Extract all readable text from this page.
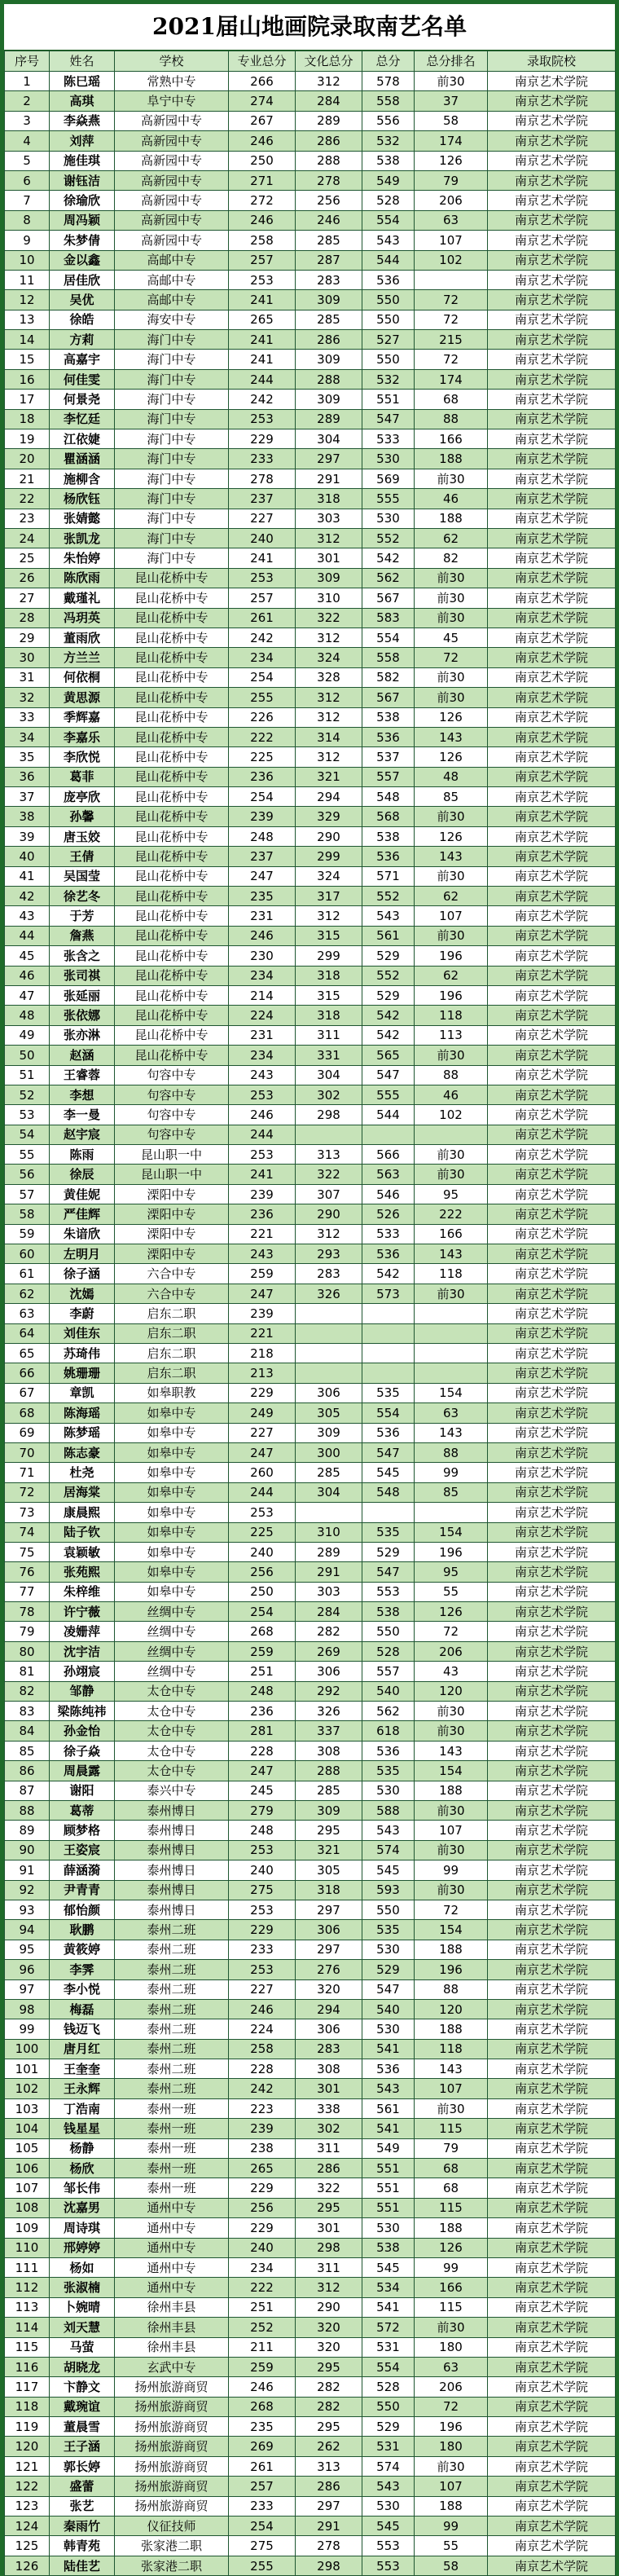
2021届山地画院录取南艺名单
序号	姓名	学校	专业总分	文化总分	总分	总分排名	录取院校
1	陈巳瑶	常熟中专	266	312	578	前30	南京艺术学院
2	高琪	阜宁中专	274	284	558	37	南京艺术学院
3	李焱燕	高新园中专	267	289	556	58	南京艺术学院
4	刘萍	高新园中专	246	286	532	174	南京艺术学院
5	施佳琪	高新园中专	250	288	538	126	南京艺术学院
6	谢钰洁	高新园中专	271	278	549	79	南京艺术学院
7	徐瑜欣	高新园中专	272	256	528	206	南京艺术学院
8	周冯颖	高新园中专	246	246	554	63	南京艺术学院
9	朱梦倩	高新园中专	258	285	543	107	南京艺术学院
10	金以鑫	高邮中专	257	287	544	102	南京艺术学院
11	居佳欣	高邮中专	253	283	536		南京艺术学院
12	吴优	高邮中专	241	309	550	72	南京艺术学院
13	徐皓	海安中专	265	285	550	72	南京艺术学院
14	方莉	海门中专	241	286	527	215	南京艺术学院
15	高嘉宇	海门中专	241	309	550	72	南京艺术学院
16	何佳雯	海门中专	244	288	532	174	南京艺术学院
17	何景尧	海门中专	242	309	551	68	南京艺术学院
18	李忆廷	海门中专	253	289	547	88	南京艺术学院
19	江依婕	海门中专	229	304	533	166	南京艺术学院
20	瞿涵涵	海门中专	233	297	530	188	南京艺术学院
21	施柳含	海门中专	278	291	569	前30	南京艺术学院
22	杨欣钰	海门中专	237	318	555	46	南京艺术学院
23	张婧懿	海门中专	227	303	530	188	南京艺术学院
24	张凯龙	海门中专	240	312	552	62	南京艺术学院
25	朱怡婷	海门中专	241	301	542	82	南京艺术学院
26	陈欣雨	昆山花桥中专	253	309	562	前30	南京艺术学院
27	戴瑾礼	昆山花桥中专	257	310	567	前30	南京艺术学院
28	冯玥英	昆山花桥中专	261	322	583	前30	南京艺术学院
29	董雨欣	昆山花桥中专	242	312	554	45	南京艺术学院
30	方兰兰	昆山花桥中专	234	324	558	72	南京艺术学院
31	何依桐	昆山花桥中专	254	328	582	前30	南京艺术学院
32	黄思源	昆山花桥中专	255	312	567	前30	南京艺术学院
33	季辉嘉	昆山花桥中专	226	312	538	126	南京艺术学院
34	李嘉乐	昆山花桥中专	222	314	536	143	南京艺术学院
35	李欣悦	昆山花桥中专	225	312	537	126	南京艺术学院
36	葛菲	昆山花桥中专	236	321	557	48	南京艺术学院
37	庞亭欣	昆山花桥中专	254	294	548	85	南京艺术学院
38	孙馨	昆山花桥中专	239	329	568	前30	南京艺术学院
39	唐玉姣	昆山花桥中专	248	290	538	126	南京艺术学院
40	王倩	昆山花桥中专	237	299	536	143	南京艺术学院
41	吴国莹	昆山花桥中专	247	324	571	前30	南京艺术学院
42	徐艺冬	昆山花桥中专	235	317	552	62	南京艺术学院
43	于芳	昆山花桥中专	231	312	543	107	南京艺术学院
44	詹燕	昆山花桥中专	246	315	561	前30	南京艺术学院
45	张含之	昆山花桥中专	230	299	529	196	南京艺术学院
46	张司祺	昆山花桥中专	234	318	552	62	南京艺术学院
47	张延丽	昆山花桥中专	214	315	529	196	南京艺术学院
48	张依娜	昆山花桥中专	224	318	542	118	南京艺术学院
49	张亦淋	昆山花桥中专	231	311	542	113	南京艺术学院
50	赵涵	昆山花桥中专	234	331	565	前30	南京艺术学院
51	王睿蓉	句容中专	243	304	547	88	南京艺术学院
52	李想	句容中专	253	302	555	46	南京艺术学院
53	李一曼	句容中专	246	298	544	102	南京艺术学院
54	赵宇宸	句容中专	244				南京艺术学院
55	陈雨	昆山职一中	253	313	566	前30	南京艺术学院
56	徐辰	昆山职一中	241	322	563	前30	南京艺术学院
57	黄佳妮	溧阳中专	239	307	546	95	南京艺术学院
58	严佳辉	溧阳中专	236	290	526	222	南京艺术学院
59	朱谙欣	溧阳中专	221	312	533	166	南京艺术学院
60	左明月	溧阳中专	243	293	536	143	南京艺术学院
61	徐子涵	六合中专	259	283	542	118	南京艺术学院
62	沈嫣	六合中专	247	326	573	前30	南京艺术学院
63	李蔚	启东二职	239				南京艺术学院
64	刘佳东	启东二职	221				南京艺术学院
65	苏琦伟	启东二职	218				南京艺术学院
66	姚珊珊	启东二职	213				南京艺术学院
67	章凯	如皋职教	229	306	535	154	南京艺术学院
68	陈海瑶	如皋中专	249	305	554	63	南京艺术学院
69	陈梦瑶	如皋中专	227	309	536	143	南京艺术学院
70	陈志豪	如皋中专	247	300	547	88	南京艺术学院
71	杜尧	如皋中专	260	285	545	99	南京艺术学院
72	居海棠	如皋中专	244	304	548	85	南京艺术学院
73	康晨熙	如皋中专	253				南京艺术学院
74	陆子钦	如皋中专	225	310	535	154	南京艺术学院
75	袁颖敏	如皋中专	240	289	529	196	南京艺术学院
76	张苑熙	如皋中专	256	291	547	95	南京艺术学院
77	朱梓维	如皋中专	250	303	553	55	南京艺术学院
78	许宁薇	丝绸中专	254	284	538	126	南京艺术学院
79	凌姗萍	丝绸中专	268	282	550	72	南京艺术学院
80	沈宇洁	丝绸中专	259	269	528	206	南京艺术学院
81	孙翊宸	丝绸中专	251	306	557	43	南京艺术学院
82	邹静	太仓中专	248	292	540	120	南京艺术学院
83	梁陈纯祎	太仓中专	236	326	562	前30	南京艺术学院
84	孙金怡	太仓中专	281	337	618	前30	南京艺术学院
85	徐子焱	太仓中专	228	308	536	143	南京艺术学院
86	周晨露	太仓中专	247	288	535	154	南京艺术学院
87	谢阳	泰兴中专	245	285	530	188	南京艺术学院
88	葛蒂	泰州博日	279	309	588	前30	南京艺术学院
89	顾梦格	泰州博日	248	295	543	107	南京艺术学院
90	王姿宸	泰州博日	253	321	574	前30	南京艺术学院
91	薛涵漪	泰州博日	240	305	545	99	南京艺术学院
92	尹青青	泰州博日	275	318	593	前30	南京艺术学院
93	郁怡颜	泰州博日	253	297	550	72	南京艺术学院
94	耿鹏	泰州二班	229	306	535	154	南京艺术学院
95	黄筱婷	泰州二班	233	297	530	188	南京艺术学院
96	李霁	泰州二班	253	276	529	196	南京艺术学院
97	李小悦	泰州二班	227	320	547	88	南京艺术学院
98	梅磊	泰州二班	246	294	540	120	南京艺术学院
99	钱迈飞	泰州二班	224	306	530	188	南京艺术学院
100	唐月红	泰州二班	258	283	541	118	南京艺术学院
101	王奎奎	泰州二班	228	308	536	143	南京艺术学院
102	王永辉	泰州二班	242	301	543	107	南京艺术学院
103	丁浩南	泰州一班	223	338	561	前30	南京艺术学院
104	钱星星	泰州一班	239	302	541	115	南京艺术学院
105	杨静	泰州一班	238	311	549	79	南京艺术学院
106	杨欣	泰州一班	265	286	551	68	南京艺术学院
107	邹长伟	泰州一班	229	322	551	68	南京艺术学院
108	沈嘉男	通州中专	256	295	551	115	南京艺术学院
109	周诗琪	通州中专	229	301	530	188	南京艺术学院
110	邢婷婷	通州中专	240	298	538	126	南京艺术学院
111	杨如	通州中专	234	311	545	99	南京艺术学院
112	张淑楠	通州中专	222	312	534	166	南京艺术学院
113	卜婉晴	徐州丰县	251	290	541	115	南京艺术学院
114	刘天慧	徐州丰县	252	320	572	前30	南京艺术学院
115	马萤	徐州丰县	211	320	531	180	南京艺术学院
116	胡晓龙	玄武中专	259	295	554	63	南京艺术学院
117	卞静文	扬州旅游商贸	246	282	528	206	南京艺术学院
118	戴琬谊	扬州旅游商贸	268	282	550	72	南京艺术学院
119	董晨雪	扬州旅游商贸	235	295	529	196	南京艺术学院
120	王子涵	扬州旅游商贸	269	262	531	180	南京艺术学院
121	郭长婷	扬州旅游商贸	261	313	574	前30	南京艺术学院
122	盛蕾	扬州旅游商贸	257	286	543	107	南京艺术学院
123	张艺	扬州旅游商贸	233	297	530	188	南京艺术学院
124	秦雨竹	仪征技师	254	291	545	99	南京艺术学院
125	韩青苑	张家港二职	275	278	553	55	南京艺术学院
126	陆佳艺	张家港二职	255	298	553	58	南京艺术学院
